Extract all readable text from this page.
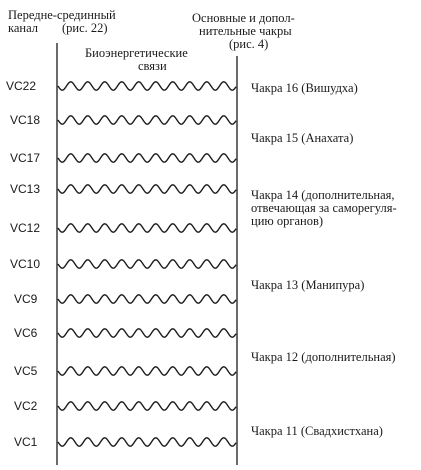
Передне-срединный
канал (рис. 22)
Биоэнергетические
связи
Основные и допол-
нительные чакры
(рис. 4)
VC22
VC18
VC17
VC13
VC12
VC10
VC9
VC6
VC5
VC2
VC1
Чакра 16 (Вишудха)
Чакра 15 (Анахата)
Чакра 14 (дополнительная,
отвечающая за саморегуля-
цию органов)
Чакра 13 (Манипура)
Чакра 12 (дополнительная)
Чакра 11 (Свадхистхана)
